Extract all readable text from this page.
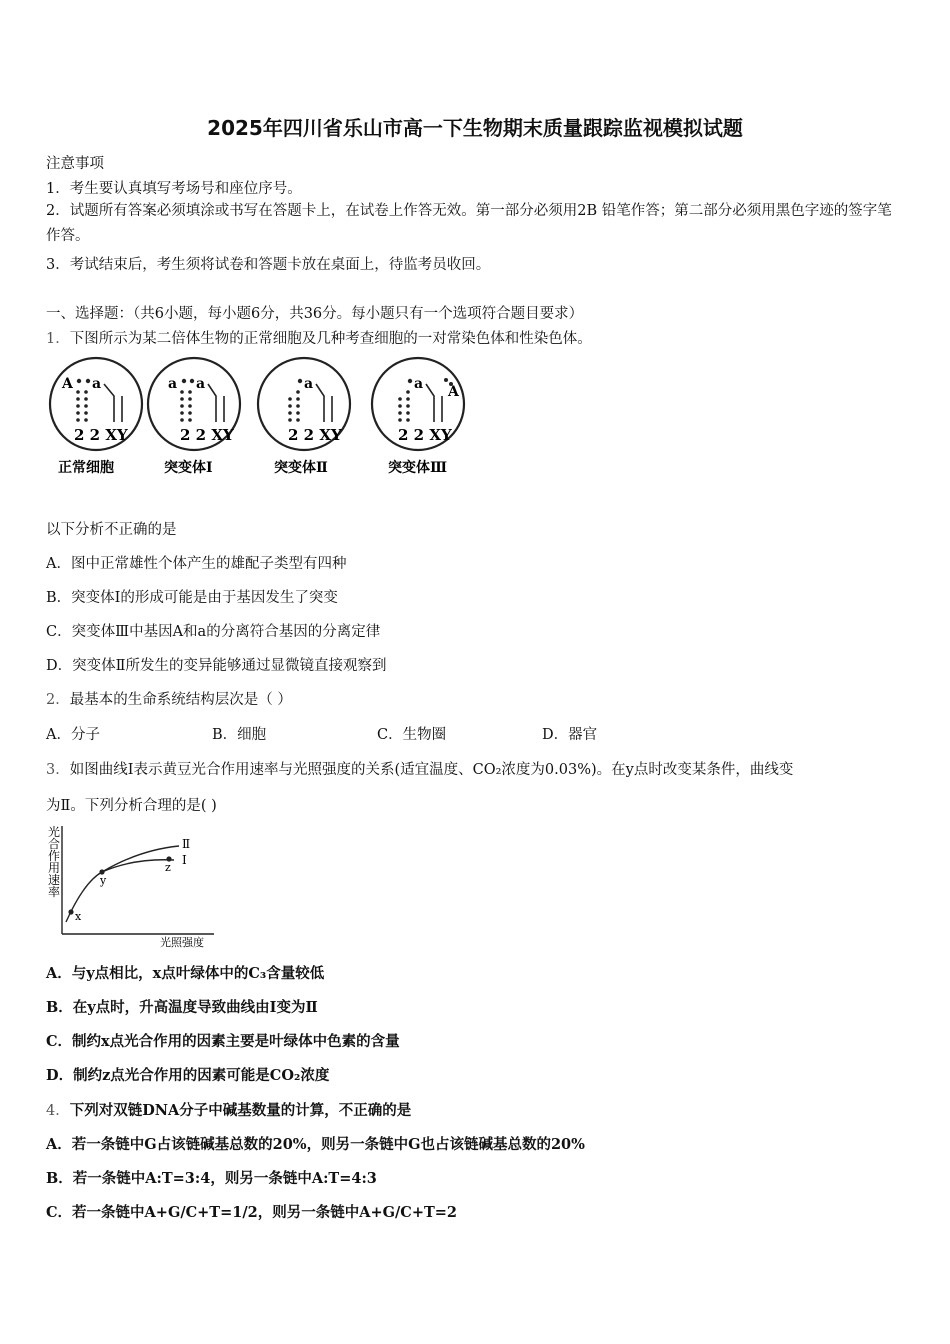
2025年四川省乐山市高一下生物期末质量跟踪监视模拟试题
注意事项
1．考生要认真填写考场号和座位序号。
2．试题所有答案必须填涂或书写在答题卡上，在试卷上作答无效。第一部分必须用2B 铅笔作答；第二部分必须用黑色字迹的签字笔作答。
3．考试结束后，考生须将试卷和答题卡放在桌面上，待监考员收回。
一、选择题：（共6小题，每小题6分，共36分。每小题只有一个选项符合题目要求）
1．下图所示为某二倍体生物的正常细胞及几种考查细胞的一对常染色体和性染色体。
A a
2 2 XY
正常细胞
a a
2 2 XY
突变体Ⅰ
a
2 2 XY
突变体Ⅱ
a A
2 2 XY
突变体Ⅲ
以下分析不正确的是
A．图中正常雄性个体产生的雄配子类型有四种
B．突变体Ⅰ的形成可能是由于基因发生了突变
C．突变体Ⅲ中基因A和a的分离符合基因的分离定律
D．突变体Ⅱ所发生的变异能够通过显微镜直接观察到
2．最基本的生命系统结构层次是（ ）
A．分子	B．细胞	C．生物圈	D．器官
3．如图曲线Ⅰ表示黄豆光合作用速率与光照强度的关系(适宜温度、CO₂浓度为0.03%)。在y点时改变某条件，曲线变
为Ⅱ。下列分析合理的是( )
光
合
作
用
速
率
x
y
z
Ⅱ
Ⅰ
光照强度
A．与y点相比，x点叶绿体中的C₃含量较低
B．在y点时，升高温度导致曲线由Ⅰ变为Ⅱ
C．制约x点光合作用的因素主要是叶绿体中色素的含量
D．制约z点光合作用的因素可能是CO₂浓度
4．下列对双链DNA分子中碱基数量的计算，不正确的是
A．若一条链中G占该链碱基总数的20%，则另一条链中G也占该链碱基总数的20%
B．若一条链中A:T=3:4，则另一条链中A:T=4:3
C．若一条链中A+G/C+T=1/2，则另一条链中A+G/C+T=2
